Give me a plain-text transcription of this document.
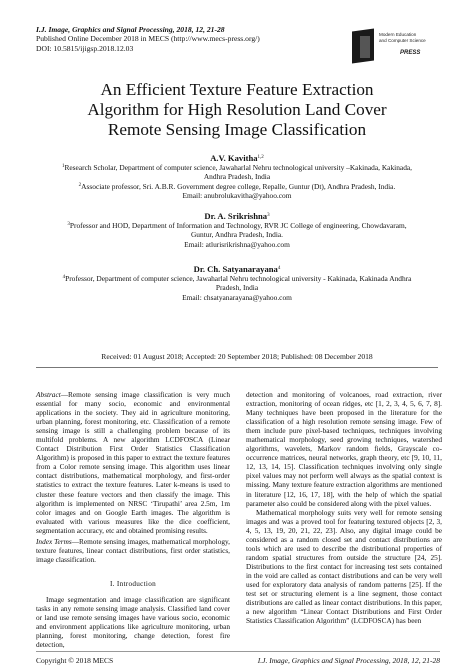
I.J. Image, Graphics and Signal Processing, 2018, 12, 21-28
Published Online December 2018 in MECS (http://www.mecs-press.org/)
DOI: 10.5815/ijigsp.2018.12.03
Modern Education
and Computer Science
PRESS
An Efficient Texture Feature Extraction
Algorithm for High Resolution Land Cover
Remote Sensing Image Classification
A.V. Kavitha$^{1,2}$
$^1$Research Scholar, Department of computer science, Jawaharlal Nehru technological university –Kakinada, Kakinada,
Andhra Pradesh, India
$^2$Associate professor, Sri. A.B.R. Government degree college, Repalle, Guntur (Dt), Andhra Pradesh, India.
Email: anubrolukavitha@yahoo.com
Dr. A. Srikrishna$^3$
$^3$Professor and HOD, Department of Information and Technology, RVR JC College of engineering, Chowdavaram,
Guntur, Andhra Pradesh, India.
Email: atlurisrikrishna@yahoo.com
Dr. Ch. Satyanarayana$^4$
$^4$Professor, Department of computer science, Jawaharlal Nehru technological university - Kakinada, Kakinada Andhra
Pradesh, India
Email: chsatyanarayana@yahoo.com
Received: 01 August 2018; Accepted: 20 September 2018; Published: 08 December 2018
Abstract—Remote sensing image classification is very much essential for many socio, economic and environmental applications in the society. They aid in agriculture monitoring, urban planning, forest monitoring, etc. Classification of a remote sensing image is still a challenging problem because of its multifold problems. A new algorithm LCDFOSCA (Linear Contact Distribution First Order Statistics Classification Algorithm) is proposed in this paper to extract the texture features from a Color remote sensing image. This algorithm uses linear contact distributions, mathematical morphology, and first-order statistics to extract the texture features. Later k-means is used to cluster these feature vectors and then classify the image. This algorithm is implemented on NRSC ‘Tirupathi’ area 2.5m, 1m color images and on Google Earth images. The algorithm is evaluated with various measures like the dice coefficient, segmentation accuracy, etc and obtained promising results.
Index Terms—Remote sensing images, mathematical morphology, texture features, linear contact distributions, first order statistics, image classification.
I. Introduction
Image segmentation and image classification are significant tasks in any remote sensing image analysis. Classified land cover or land use remote sensing images have various socio, economic and environment applications like agriculture monitoring, urban planning, forest monitoring, change detection, forest fire detection,
detection and monitoring of volcanoes, road extraction, river extraction, monitoring of ocean ridges, etc [1, 2, 3, 4, 5, 6, 7, 8]. Many techniques have been proposed in the literature for the classification of a high resolution remote sensing image. Few of them include pure pixel-based techniques, techniques involving mathematical morphology, seed growing techniques, watershed algorithms, wavelets, Markov random fields, Grayscale co-occurrence matrices, neural networks, graph theory, etc [9, 10, 11, 12, 13, 14, 15]. Classification techniques involving only single pixel values may not perform well always as the spatial context is missing. Many texture feature extraction algorithms are mentioned in literature [12, 16, 17, 18], with the help of which the spatial parameter also could be considered along with the pixel values.
Mathematical morphology suits very well for remote sensing images and was a proved tool for featuring textured objects [2, 3, 4, 5, 13, 19, 20, 21, 22, 23]. Also, any digital image could be considered as a random closed set and contact distributions are tools which are used to describe the distributional properties of random spatial structures from outside the structure [24, 25]. Distributions to the first contact for increasing test sets contained in the void are called as contact distributions and can be very well used for exploratory data analysis of random patterns [25]. If the test set or structuring element is a line segment, those contact distributions are called as linear contact distributions. In this paper, a new algorithm “Linear Contact Distributions and First Order Statistics Classification Algorithm” (LCDFOSCA) has been
Copyright © 2018 MECS	I.J. Image, Graphics and Signal Processing, 2018, 12, 21-28
